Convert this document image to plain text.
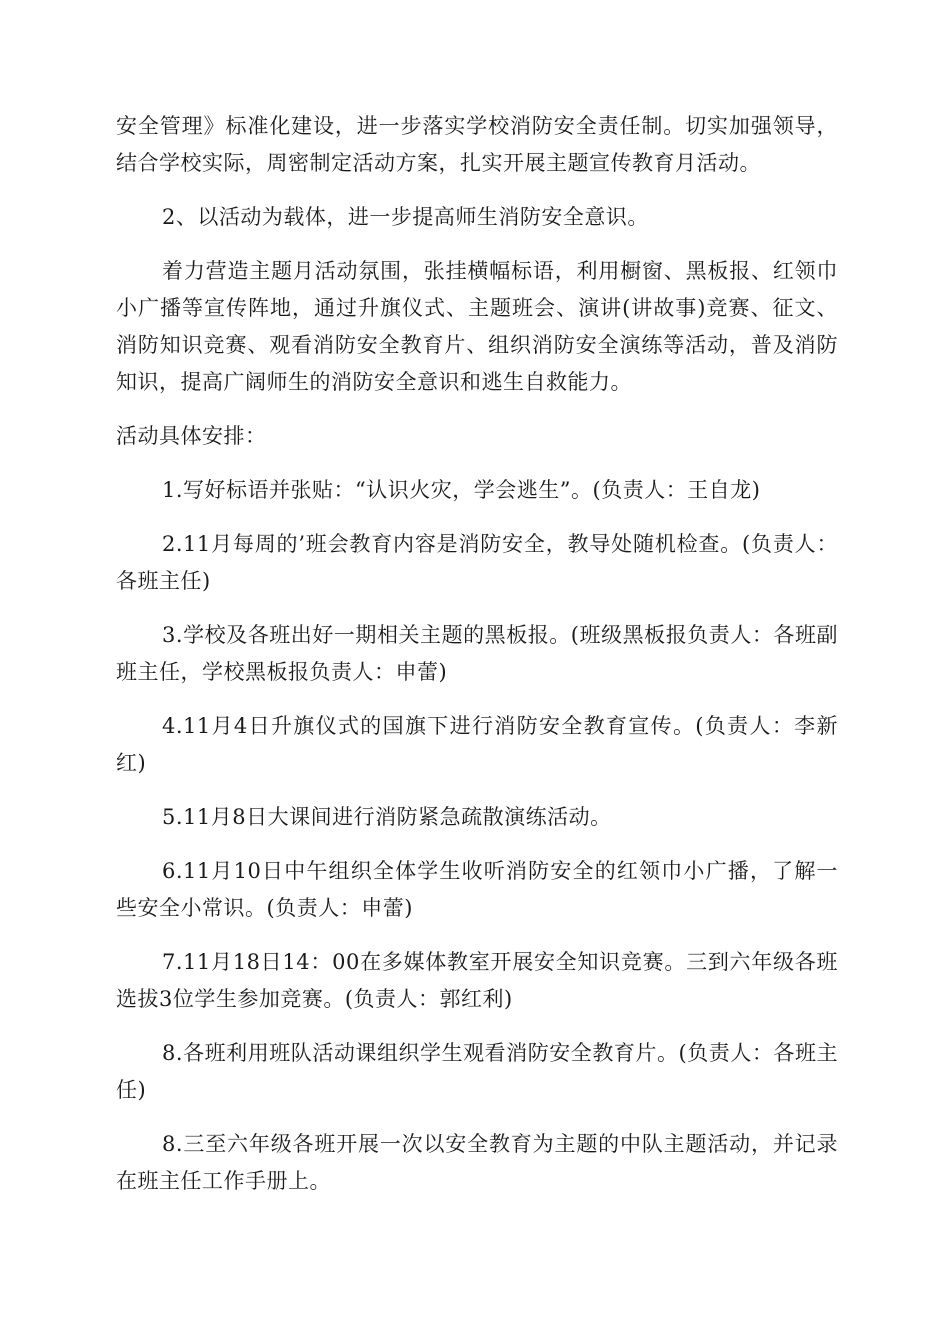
安全管理》标准化建设，进一步落实学校消防安全责任制。切实加强领导，结合学校实际，周密制定活动方案，扎实开展主题宣传教育月活动。

2、以活动为载体，进一步提高师生消防安全意识。

着力营造主题月活动氛围，张挂横幅标语，利用橱窗、黑板报、红领巾小广播等宣传阵地，通过升旗仪式、主题班会、演讲(讲故事)竞赛、征文、消防知识竞赛、观看消防安全教育片、组织消防安全演练等活动，普及消防知识，提高广阔师生的消防安全意识和逃生自救能力。

活动具体安排：

1.写好标语并张贴：“认识火灾，学会逃生”。(负责人：王自龙)

2.11月每周的’班会教育内容是消防安全，教导处随机检查。(负责人：各班主任)

3.学校及各班出好一期相关主题的黑板报。(班级黑板报负责人：各班副班主任，学校黑板报负责人：申蕾)

4.11月4日升旗仪式的国旗下进行消防安全教育宣传。(负责人：李新红)

5.11月8日大课间进行消防紧急疏散演练活动。

6.11月10日中午组织全体学生收听消防安全的红领巾小广播，了解一些安全小常识。(负责人：申蕾)

7.11月18日14：00在多媒体教室开展安全知识竞赛。三到六年级各班选拔3位学生参加竞赛。(负责人：郭红利)

8.各班利用班队活动课组织学生观看消防安全教育片。(负责人：各班主任)

8.三至六年级各班开展一次以安全教育为主题的中队主题活动，并记录在班主任工作手册上。
